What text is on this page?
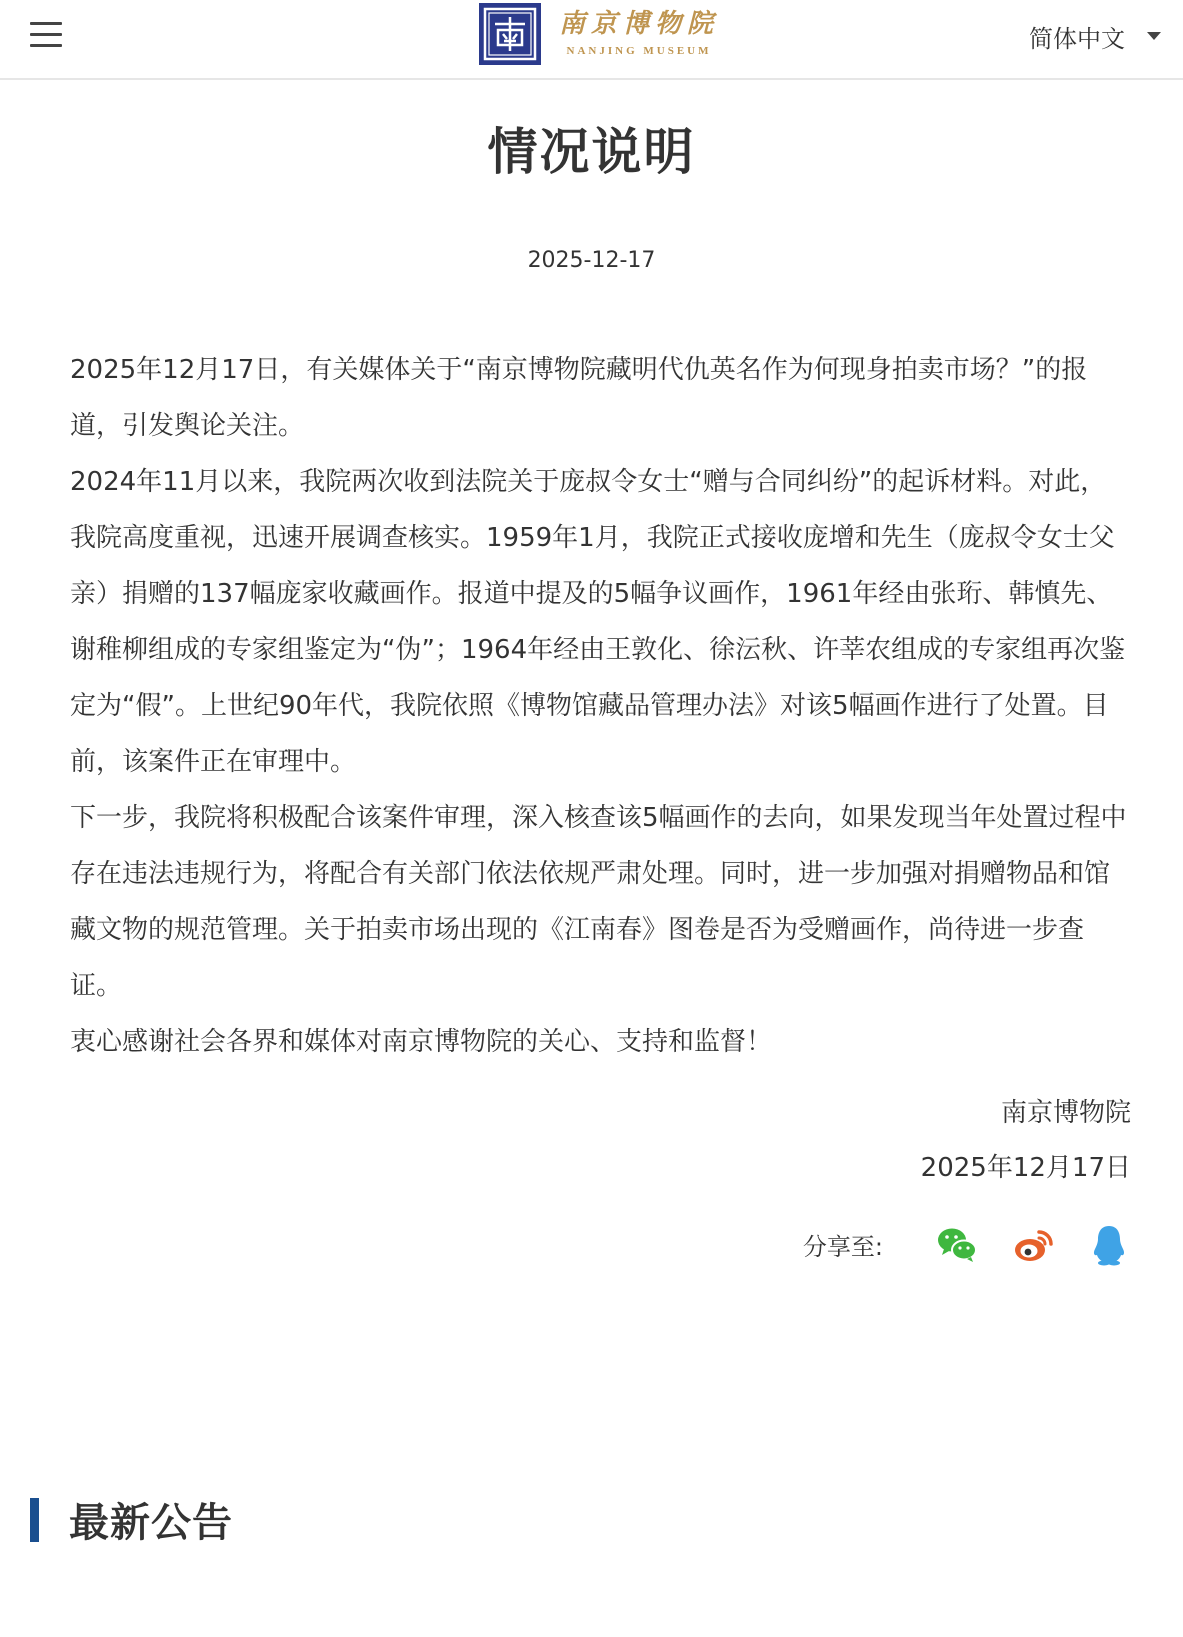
南京博物院
NANJING MUSEUM	简体中文
情况说明
2025-12-17

2025年12月17日，有关媒体关于“南京博物院藏明代仇英名作为何现身拍卖市场？”的报道，引发舆论关注。

2024年11月以来，我院两次收到法院关于庞叔令女士“赠与合同纠纷”的起诉材料。对此，我院高度重视，迅速开展调查核实。1959年1月，我院正式接收庞增和先生（庞叔令女士父亲）捐赠的137幅庞家收藏画作。报道中提及的5幅争议画作，1961年经由张珩、韩慎先、谢稚柳组成的专家组鉴定为“伪”；1964年经由王敦化、徐沄秋、许莘农组成的专家组再次鉴定为“假”。上世纪90年代，我院依照《博物馆藏品管理办法》对该5幅画作进行了处置。目前，该案件正在审理中。

下一步，我院将积极配合该案件审理，深入核查该5幅画作的去向，如果发现当年处置过程中存在违法违规行为，将配合有关部门依法依规严肃处理。同时，进一步加强对捐赠物品和馆藏文物的规范管理。关于拍卖市场出现的《江南春》图卷是否为受赠画作，尚待进一步查证。

衷心感谢社会各界和媒体对南京博物院的关心、支持和监督！

南京博物院
2025年12月17日
分享至:
最新公告
